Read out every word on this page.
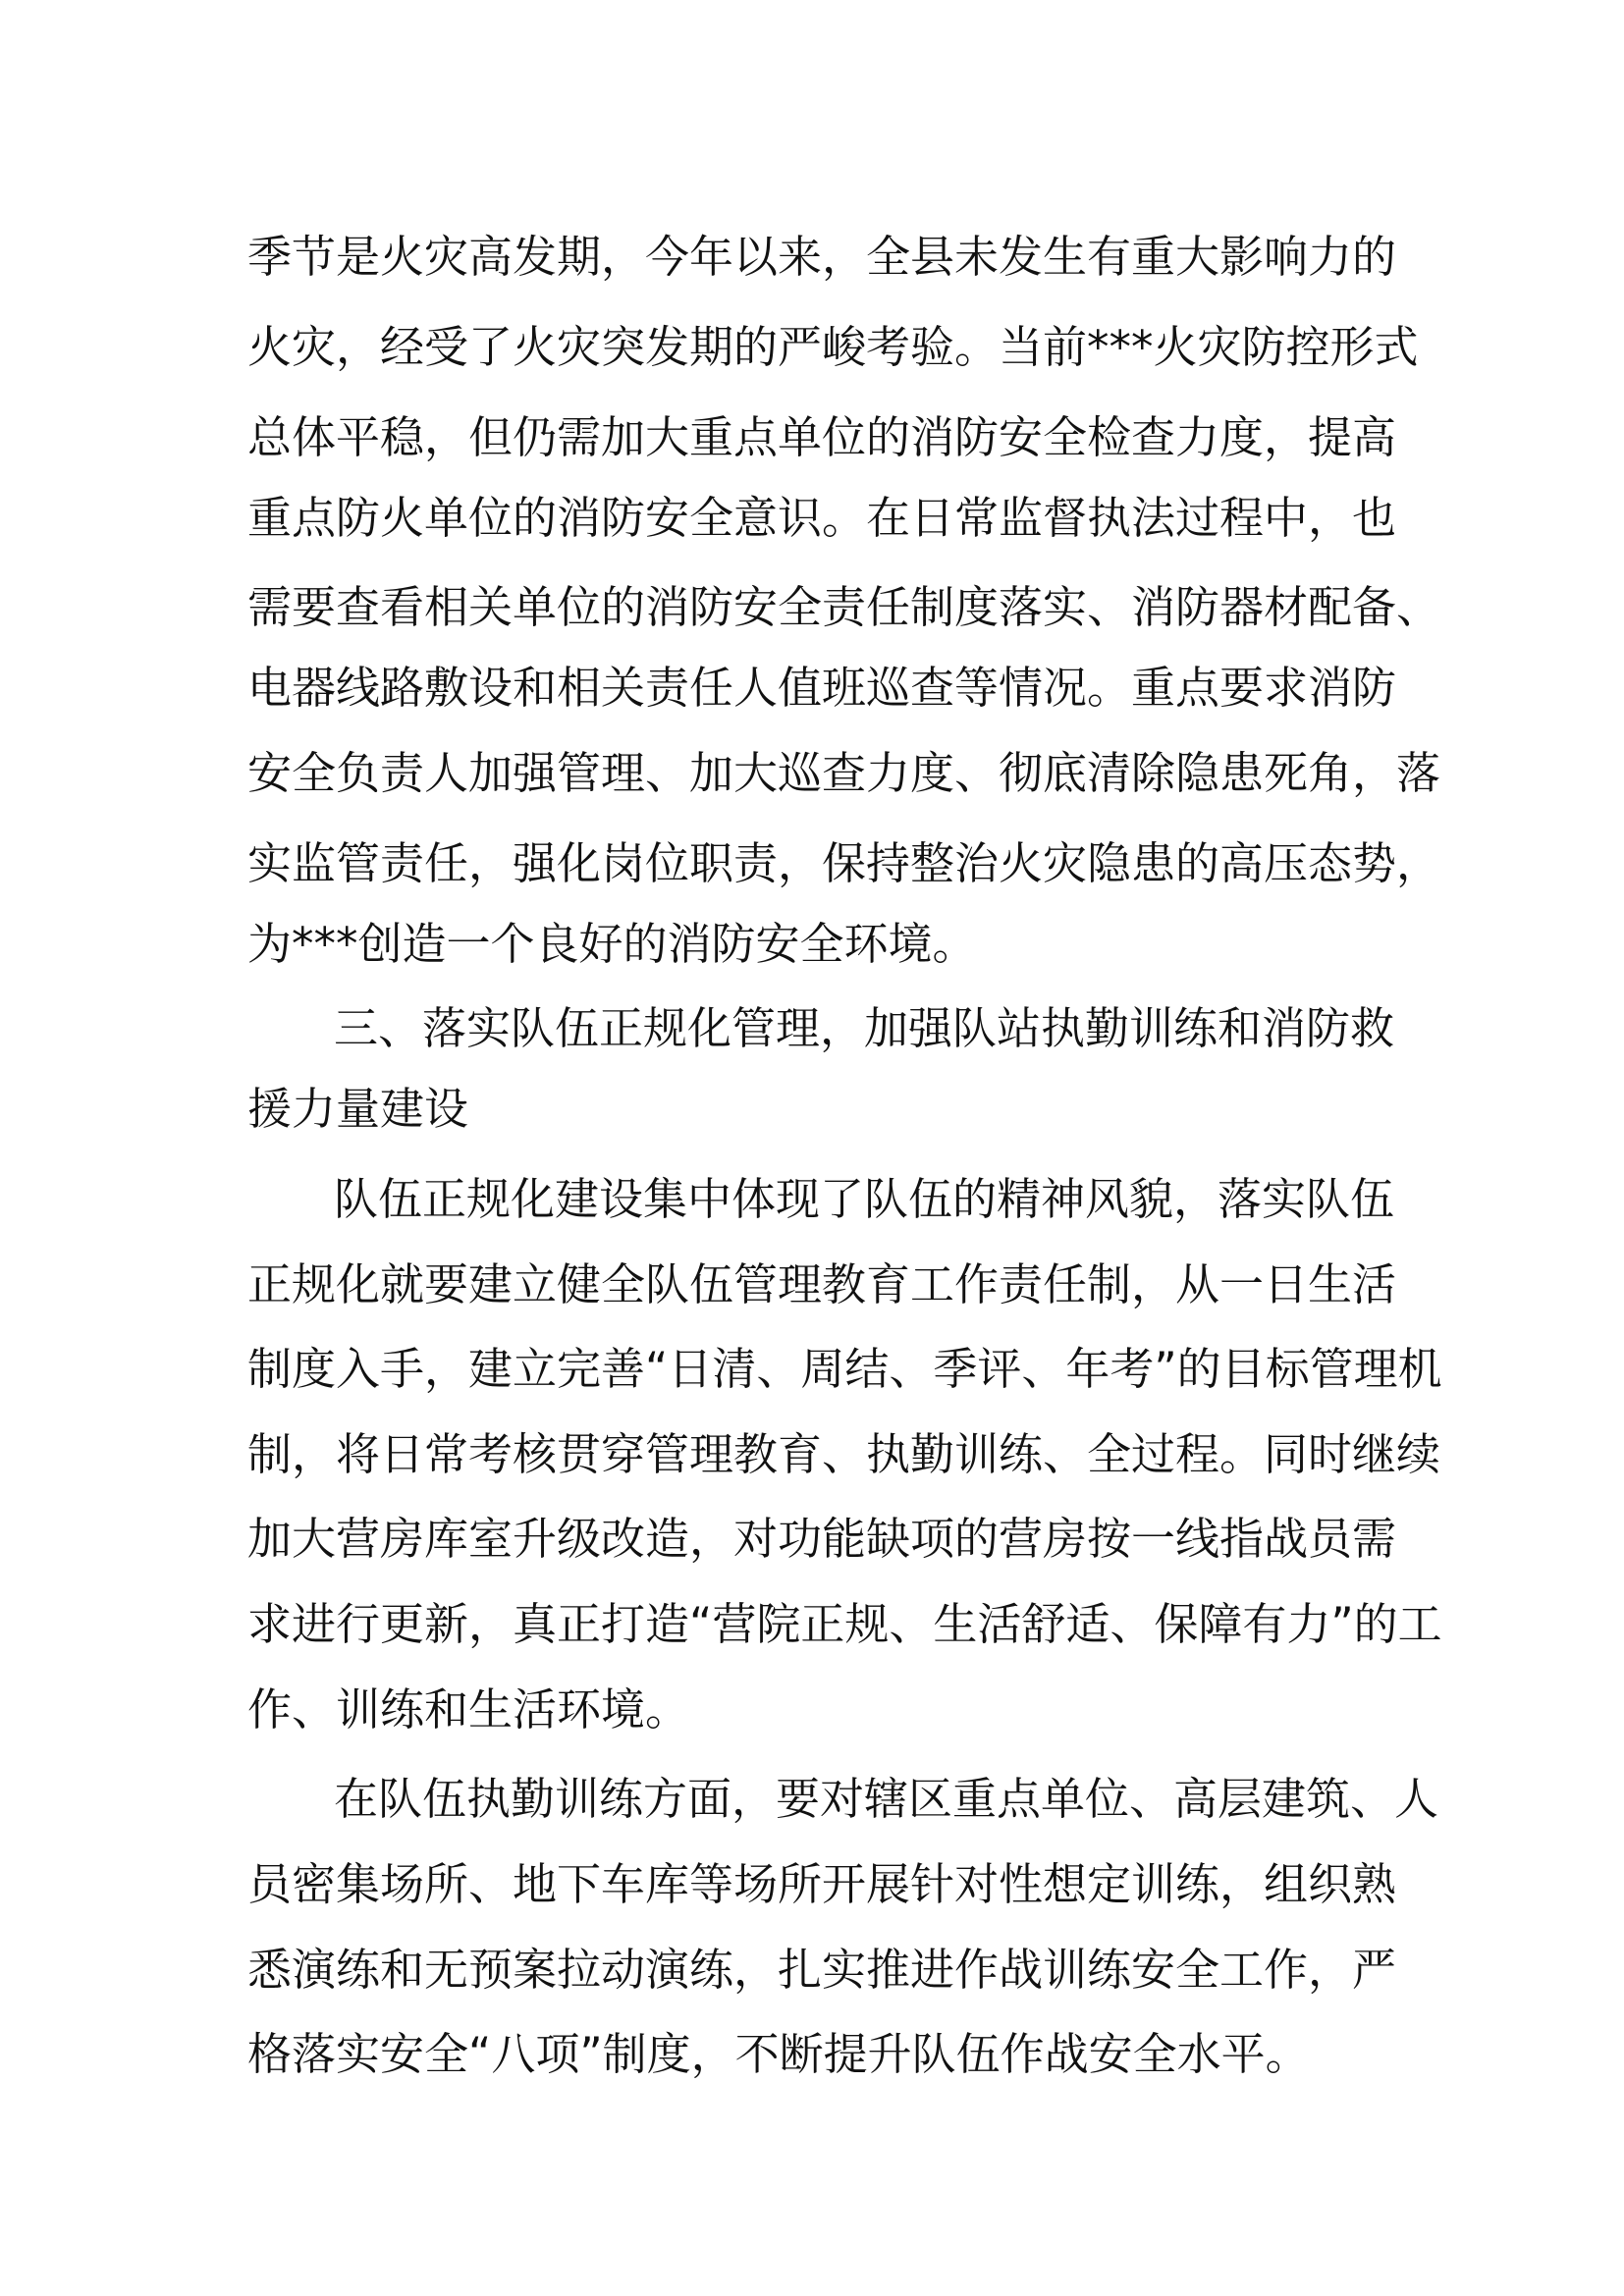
季节是火灾高发期，今年以来，全县未发生有重大影响力的
火灾，经受了火灾突发期的严峻考验。当前***火灾防控形式
总体平稳，但仍需加大重点单位的消防安全检查力度，提高
重点防火单位的消防安全意识。在日常监督执法过程中，也
需要查看相关单位的消防安全责任制度落实、消防器材配备、
电器线路敷设和相关责任人值班巡查等情况。重点要求消防
安全负责人加强管理、加大巡查力度、彻底清除隐患死角，落
实监管责任，强化岗位职责，保持整治火灾隐患的高压态势，
为***创造一个良好的消防安全环境。
三、落实队伍正规化管理，加强队站执勤训练和消防救
援力量建设
队伍正规化建设集中体现了队伍的精神风貌，落实队伍
正规化就要建立健全队伍管理教育工作责任制，从一日生活
制度入手，建立完善“日清、周结、季评、年考”的目标管理机
制，将日常考核贯穿管理教育、执勤训练、全过程。同时继续
加大营房库室升级改造，对功能缺项的营房按一线指战员需
求进行更新，真正打造“营院正规、生活舒适、保障有力”的工
作、训练和生活环境。
在队伍执勤训练方面，要对辖区重点单位、高层建筑、人
员密集场所、地下车库等场所开展针对性想定训练，组织熟
悉演练和无预案拉动演练，扎实推进作战训练安全工作，严
格落实安全“八项”制度，不断提升队伍作战安全水平。
